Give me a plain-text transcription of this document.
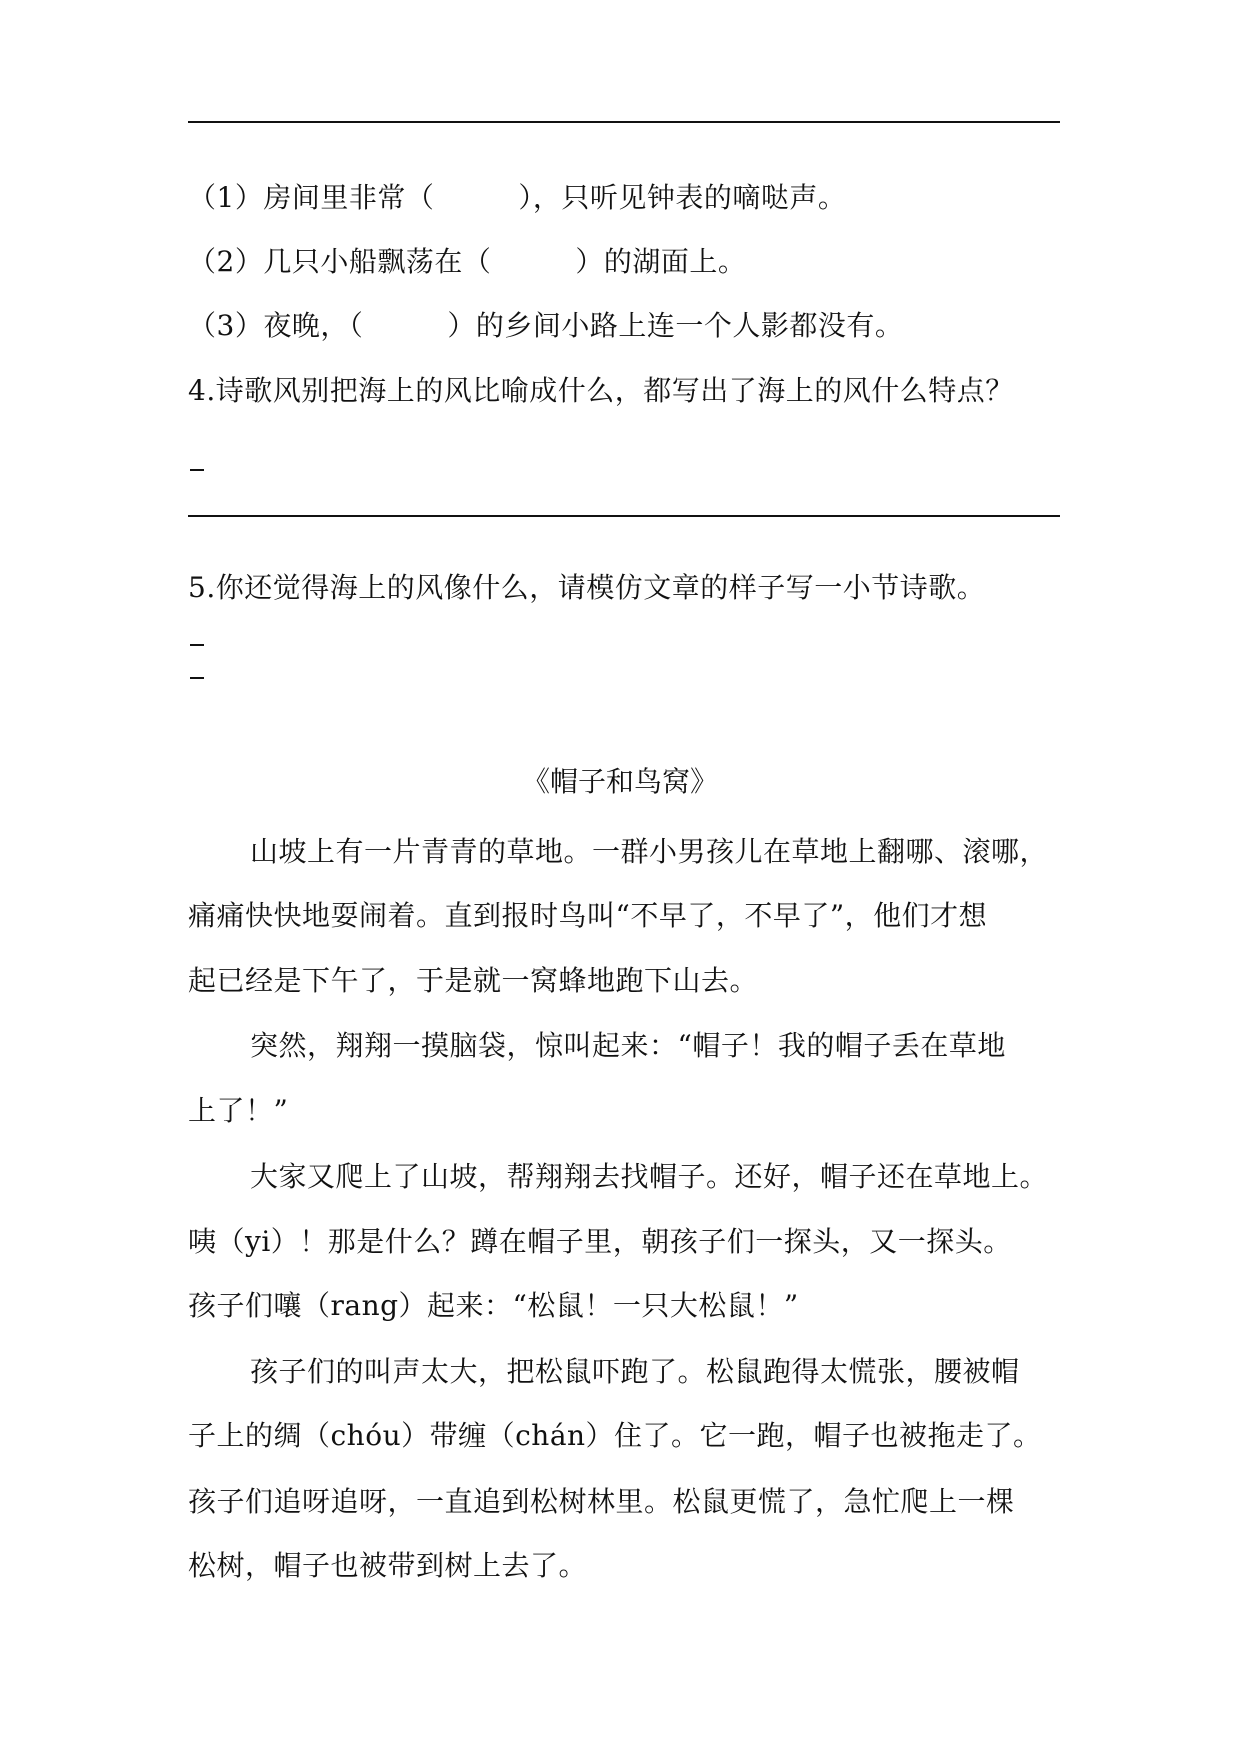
（1）房间里非常（	），只听见钟表的嘀哒声。
（2）几只小船飘荡在（	）的湖面上。
（3）夜晚，（	）的乡间小路上连一个人影都没有。
4.诗歌风别把海上的风比喻成什么，都写出了海上的风什么特点？
5.你还觉得海上的风像什么，请模仿文章的样子写一小节诗歌。
《帽子和鸟窝》
山坡上有一片青青的草地。一群小男孩儿在草地上翻哪、滚哪，
痛痛快快地耍闹着。直到报时鸟叫“不早了，不早了”，他们才想
起已经是下午了，于是就一窝蜂地跑下山去。
突然，翔翔一摸脑袋，惊叫起来：“帽子！我的帽子丢在草地
上了！”
大家又爬上了山坡，帮翔翔去找帽子。还好，帽子还在草地上。
咦（yi）！那是什么？蹲在帽子里，朝孩子们一探头，又一探头。
孩子们嚷（rang）起来：“松鼠！一只大松鼠！”
孩子们的叫声太大，把松鼠吓跑了。松鼠跑得太慌张，腰被帽
子上的绸（chóu）带缠（chán）住了。它一跑，帽子也被拖走了。
孩子们追呀追呀，一直追到松树林里。松鼠更慌了，急忙爬上一棵
松树，帽子也被带到树上去了。
